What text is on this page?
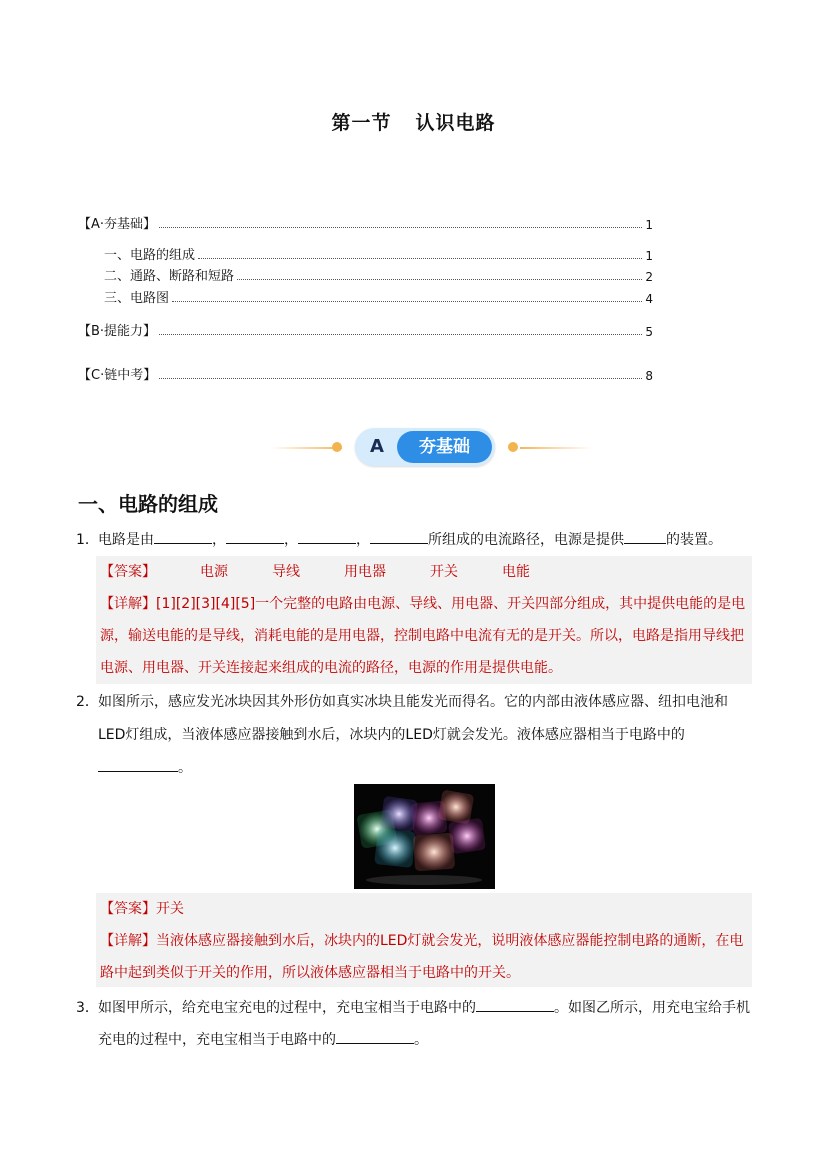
第一节 认识电路
【A·夯基础】	1
一、电路的组成	1
二、通路、断路和短路	2
三、电路图	4
【B·提能力】	5
【C·链中考】	8
A	夯基础
一、电路的组成
1． 电路是由	，	，	，	所组成的电流路径，电源是提供	的装置。
【答案】	电源	导线	用电器	开关	电能
【详解】[1][2][3][4][5]一个完整的电路由电源、导线、用电器、开关四部分组成，其中提供电能的是电源，输送电能的是导线，消耗电能的是用电器，控制电路中电流有无的是开关。所以，电路是指用导线把电源、用电器、开关连接起来组成的电流的路径，电源的作用是提供电能。
2． 如图所示，感应发光冰块因其外形仿如真实冰块且能发光而得名。它的内部由液体感应器、纽扣电池和LED灯组成，当液体感应器接触到水后，冰块内的LED灯就会发光。液体感应器相当于电路中的
。
【答案】开关
【详解】当液体感应器接触到水后，冰块内的LED灯就会发光，说明液体感应器能控制电路的通断，在电路中起到类似于开关的作用，所以液体感应器相当于电路中的开关。
3． 如图甲所示，给充电宝充电的过程中，充电宝相当于电路中的	。如图乙所示，用充电宝给手机充电的过程中，充电宝相当于电路中的	。
